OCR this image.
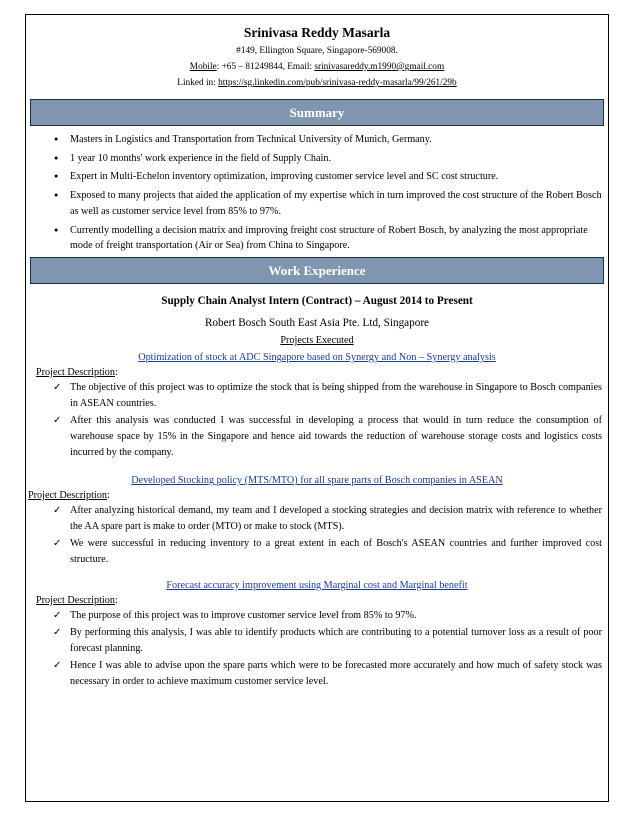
Srinivasa Reddy Masarla
#149, Ellington Square, Singapore-569008.
Mobile: +65 – 81249844, Email: srinivasareddy.m1990@gmail.com
Linked in: https://sg.linkedin.com/pub/srinivasa-reddy-masarla/99/261/29b
Summary
● Masters in Logistics and Transportation from Technical University of Munich, Germany.
● 1 year 10 months' work experience in the field of Supply Chain.
● Expert in Multi-Echelon inventory optimization, improving customer service level and SC cost structure.
● Exposed to many projects that aided the application of my expertise which in turn improved the cost structure of the Robert Bosch as well as customer service level from 85% to 97%.
● Currently modelling a decision matrix and improving freight cost structure of Robert Bosch, by analyzing the most appropriate mode of freight transportation (Air or Sea) from China to Singapore.
Work Experience
Supply Chain Analyst Intern (Contract) – August 2014 to Present
Robert Bosch South East Asia Pte. Ltd, Singapore
Projects Executed
Optimization of stock at ADC Singapore based on Synergy and Non – Synergy analysis
Project Description:
✓ The objective of this project was to optimize the stock that is being shipped from the warehouse in Singapore to Bosch companies in ASEAN countries.
✓ After this analysis was conducted I was successful in developing a process that would in turn reduce the consumption of warehouse space by 15% in the Singapore and hence aid towards the reduction of warehouse storage costs and logistics costs incurred by the company.
Developed Stocking policy (MTS/MTO) for all spare parts of Bosch companies in ASEAN
Project Description:
✓ After analyzing historical demand, my team and I developed a stocking strategies and decision matrix with reference to whether the AA spare part is make to order (MTO) or make to stock (MTS).
✓ We were successful in reducing inventory to a great extent in each of Bosch's ASEAN countries and further improved cost structure.
Forecast accuracy improvement using Marginal cost and Marginal benefit
Project Description:
✓ The purpose of this project was to improve customer service level from 85% to 97%.
✓ By performing this analysis, I was able to identify products which are contributing to a potential turnover loss as a result of poor forecast planning.
✓ Hence I was able to advise upon the spare parts which were to be forecasted more accurately and how much of safety stock was necessary in order to achieve maximum customer service level.
